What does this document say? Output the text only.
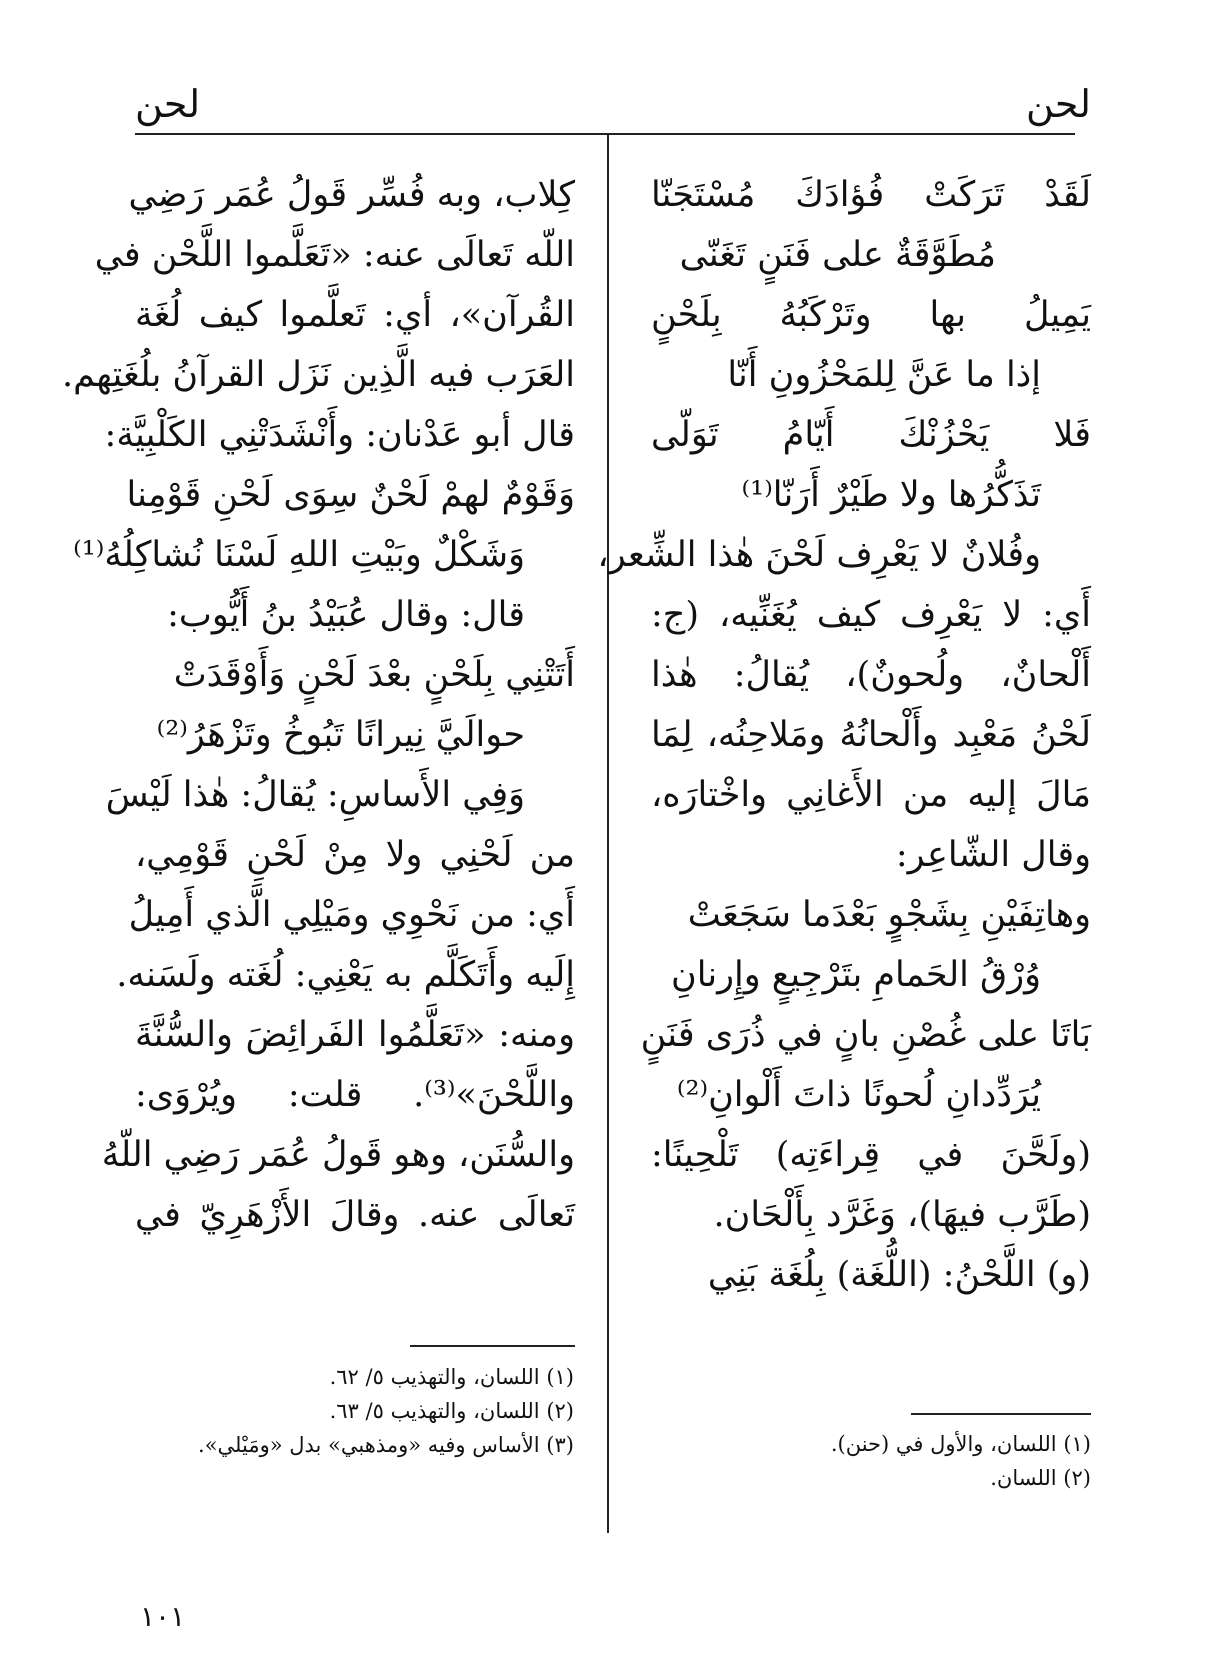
لحن
لحن
لَقَدْ تَرَكَتْ فُؤادَكَ مُسْتَجَنّا
مُطَوَّقَةٌ على فَنَنٍ تَغَنّى
يَمِيلُ بها وتَرْكَبُهُ بِلَحْنٍ
إذا ما عَنَّ لِلمَحْزُونِ أَنّا
فَلا يَحْزُنْكَ أَيّامُ تَوَلّى
تَذَكُّرُها ولا طَيْرٌ أَرَنّا⁽¹⁾
وفُلانٌ لا يَعْرِف لَحْنَ هٰذا الشِّعر،
أَي: لا يَعْرِف كيف يُغَنِّيه، (ج:
أَلْحانٌ، ولُحونٌ)، يُقالُ: هٰذا
لَحْنُ مَعْبِد وأَلْحانُهُ ومَلاحِنُه، لِمَا
مَالَ إليه من الأَغانِي واخْتارَه،
وقال الشّاعِر:
وهاتِفَيْنِ بِشَجْوٍ بَعْدَما سَجَعَتْ
وُرْقُ الحَمامِ بتَرْجِيعٍ وإِرنانِ
بَاتَا على غُصْنِ بانٍ في ذُرَى فَنَنٍ
يُرَدِّدانِ لُحونًا ذاتَ أَلْوانِ⁽²⁾
(ولَحَّنَ في قِراءَتِه) تَلْحِينًا:
(طَرَّب فيهَا)، وَغَرَّد بِأَلْحَان.
(و) اللَّحْنُ: (اللُّغَة) بِلُغَة بَنِي
(١) اللسان، والأول في (حنن).
(٢) اللسان.
كِلاب، وبه فُسِّر قَولُ عُمَر رَضِي
اللّه تَعالَى عنه: «تَعَلَّموا اللَّحْن في
القُرآن»، أي: تَعلَّموا كيف لُغَة
العَرَب فيه الَّذِين نَزَل القرآنُ بلُغَتِهم.
قال أبو عَدْنان: وأَنْشَدَتْنِي الكَلْبِيَّة:
وَقَوْمٌ لهمْ لَحْنٌ سِوَى لَحْنِ قَوْمِنا
وَشَكْلٌ وبَيْتِ اللهِ لَسْنَا نُشاكِلُهُ⁽¹⁾
قال: وقال عُبَيْدُ بنُ أَيُّوب:
أَتَتْنِي بِلَحْنٍ بعْدَ لَحْنٍ وَأَوْقَدَتْ
حوالَيَّ نِيرانًا تَبُوخُ وتَزْهَرُ⁽²⁾
وَفِي الأَساسِ: يُقالُ: هٰذا لَيْسَ
من لَحْنِي ولا مِنْ لَحْنِ قَوْمِي،
أَي: من نَحْوِي ومَيْلِي الَّذي أَمِيلُ
إِلَيه وأَتَكَلَّم به يَعْنِي: لُغَته ولَسَنه.
ومنه: «تَعَلَّمُوا الفَرائِضَ والسُّنَّةَ
واللَّحْنَ»⁽³⁾. قلت: ويُرْوَى:
والسُّنَن، وهو قَولُ عُمَر رَضِي اللّهُ
تَعالَى عنه. وقالَ الأَزْهَرِيّ في
(١) اللسان، والتهذيب ٥/ ٦٢.
(٢) اللسان، والتهذيب ٥/ ٦٣.
(٣) الأساس وفيه «ومذهبي» بدل «ومَيْلي».
١٠١
